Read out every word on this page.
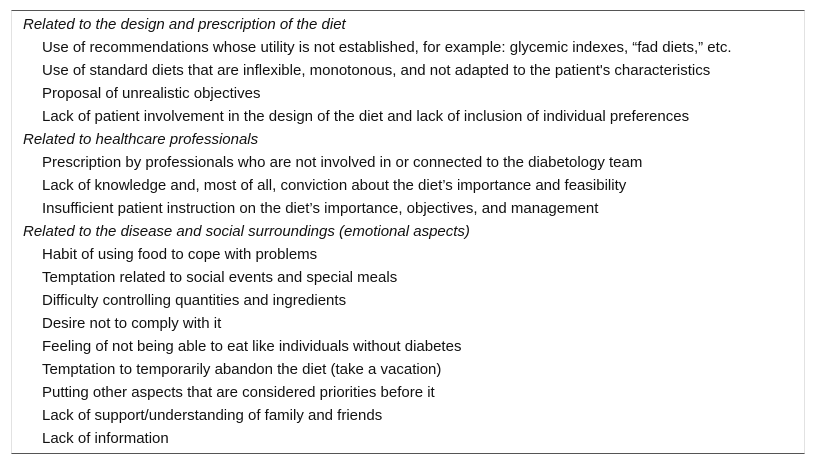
Related to the design and prescription of the diet
Use of recommendations whose utility is not established, for example: glycemic indexes, “fad diets,” etc.
Use of standard diets that are inflexible, monotonous, and not adapted to the patient's characteristics
Proposal of unrealistic objectives
Lack of patient involvement in the design of the diet and lack of inclusion of individual preferences
Related to healthcare professionals
Prescription by professionals who are not involved in or connected to the diabetology team
Lack of knowledge and, most of all, conviction about the diet’s importance and feasibility
Insufficient patient instruction on the diet’s importance, objectives, and management
Related to the disease and social surroundings (emotional aspects)
Habit of using food to cope with problems
Temptation related to social events and special meals
Difficulty controlling quantities and ingredients
Desire not to comply with it
Feeling of not being able to eat like individuals without diabetes
Temptation to temporarily abandon the diet (take a vacation)
Putting other aspects that are considered priorities before it
Lack of support/understanding of family and friends
Lack of information
